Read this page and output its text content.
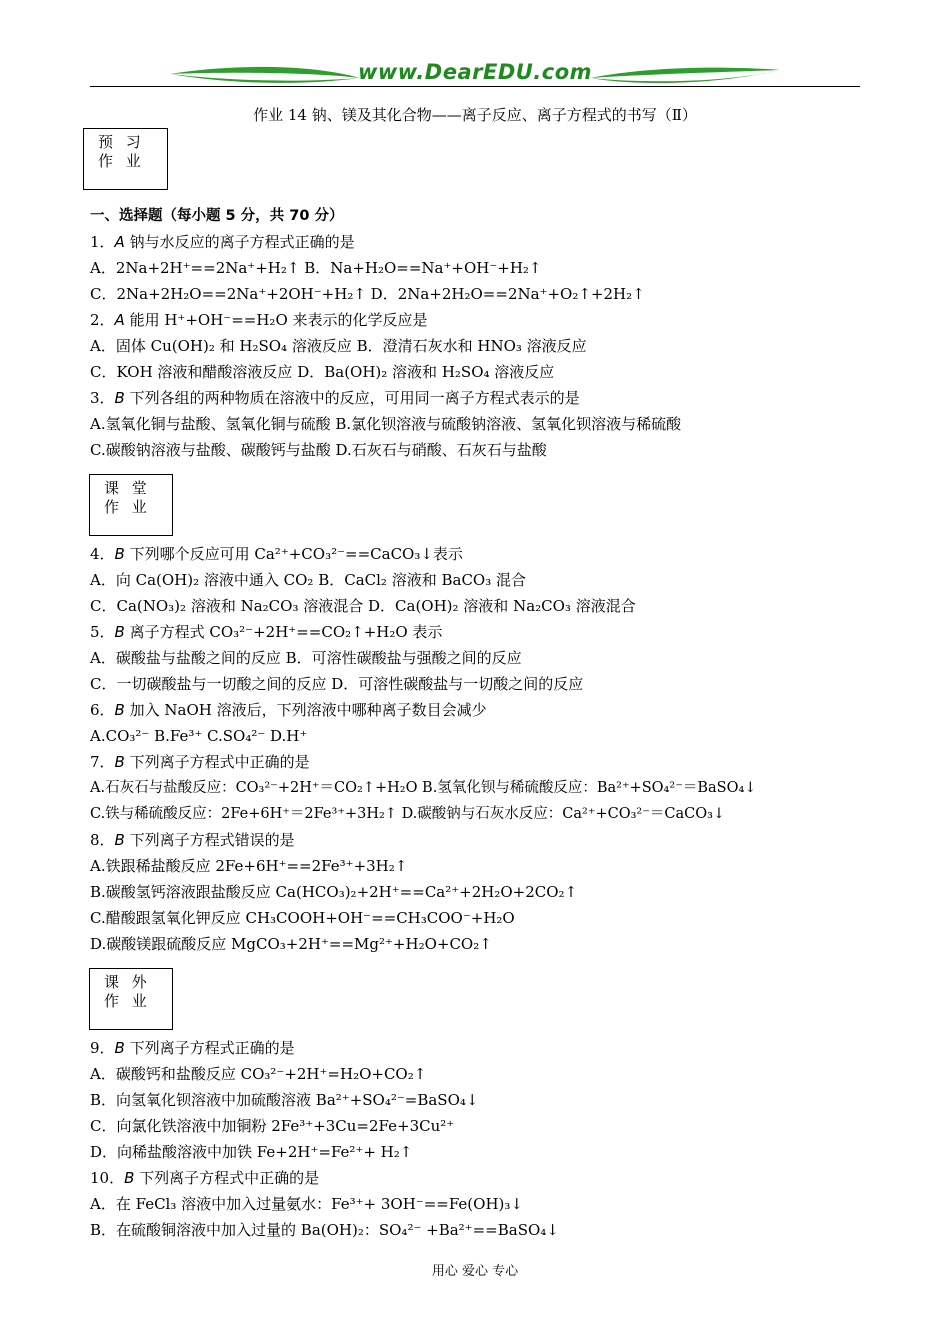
www.DearEDU.com
作业 14 钠、镁及其化合物——离子反应、离子方程式的书写（Ⅱ）
预 习
作 业
一、选择题（每小题 5 分，共 70 分）
1．A 钠与水反应的离子方程式正确的是
A．2Na+2H⁺==2Na⁺+H₂↑ B．Na+H₂O==Na⁺+OH⁻+H₂↑
C．2Na+2H₂O==2Na⁺+2OH⁻+H₂↑ D．2Na+2H₂O==2Na⁺+O₂↑+2H₂↑
2．A 能用 H⁺+OH⁻==H₂O 来表示的化学反应是
A．固体 Cu(OH)₂ 和 H₂SO₄ 溶液反应 B．澄清石灰水和 HNO₃ 溶液反应
C．KOH 溶液和醋酸溶液反应 D．Ba(OH)₂ 溶液和 H₂SO₄ 溶液反应
3．B 下列各组的两种物质在溶液中的反应，可用同一离子方程式表示的是
A.氢氧化铜与盐酸、氢氧化铜与硫酸 B.氯化钡溶液与硫酸钠溶液、氢氧化钡溶液与稀硫酸
C.碳酸钠溶液与盐酸、碳酸钙与盐酸 D.石灰石与硝酸、石灰石与盐酸
课 堂
作 业
4．B 下列哪个反应可用 Ca²⁺+CO₃²⁻==CaCO₃↓表示
A．向 Ca(OH)₂ 溶液中通入 CO₂ B．CaCl₂ 溶液和 BaCO₃ 混合
C．Ca(NO₃)₂ 溶液和 Na₂CO₃ 溶液混合 D．Ca(OH)₂ 溶液和 Na₂CO₃ 溶液混合
5．B 离子方程式 CO₃²⁻+2H⁺==CO₂↑+H₂O 表示
A．碳酸盐与盐酸之间的反应 B．可溶性碳酸盐与强酸之间的反应
C．一切碳酸盐与一切酸之间的反应 D．可溶性碳酸盐与一切酸之间的反应
6．B 加入 NaOH 溶液后，下列溶液中哪种离子数目会减少
A.CO₃²⁻ B.Fe³⁺ C.SO₄²⁻ D.H⁺
7．B 下列离子方程式中正确的是
A.石灰石与盐酸反应：CO₃²⁻+2H⁺＝CO₂↑+H₂O B.氢氧化钡与稀硫酸反应：Ba²⁺+SO₄²⁻＝BaSO₄↓
C.铁与稀硫酸反应：2Fe+6H⁺＝2Fe³⁺+3H₂↑ D.碳酸钠与石灰水反应：Ca²⁺+CO₃²⁻＝CaCO₃↓
8．B 下列离子方程式错误的是
A.铁跟稀盐酸反应 2Fe+6H⁺==2Fe³⁺+3H₂↑
B.碳酸氢钙溶液跟盐酸反应 Ca(HCO₃)₂+2H⁺==Ca²⁺+2H₂O+2CO₂↑
C.醋酸跟氢氧化钾反应 CH₃COOH+OH⁻==CH₃COO⁻+H₂O
D.碳酸镁跟硫酸反应 MgCO₃+2H⁺==Mg²⁺+H₂O+CO₂↑
课 外
作 业
9．B 下列离子方程式正确的是
A．碳酸钙和盐酸反应 CO₃²⁻+2H⁺=H₂O+CO₂↑
B．向氢氧化钡溶液中加硫酸溶液 Ba²⁺+SO₄²⁻=BaSO₄↓
C．向氯化铁溶液中加铜粉 2Fe³⁺+3Cu=2Fe+3Cu²⁺
D．向稀盐酸溶液中加铁 Fe+2H⁺=Fe²⁺+ H₂↑
10．B 下列离子方程式中正确的是
A．在 FeCl₃ 溶液中加入过量氨水：Fe³⁺+ 3OH⁻==Fe(OH)₃↓
B．在硫酸铜溶液中加入过量的 Ba(OH)₂：SO₄²⁻ +Ba²⁺==BaSO₄↓
用心 爱心 专心
